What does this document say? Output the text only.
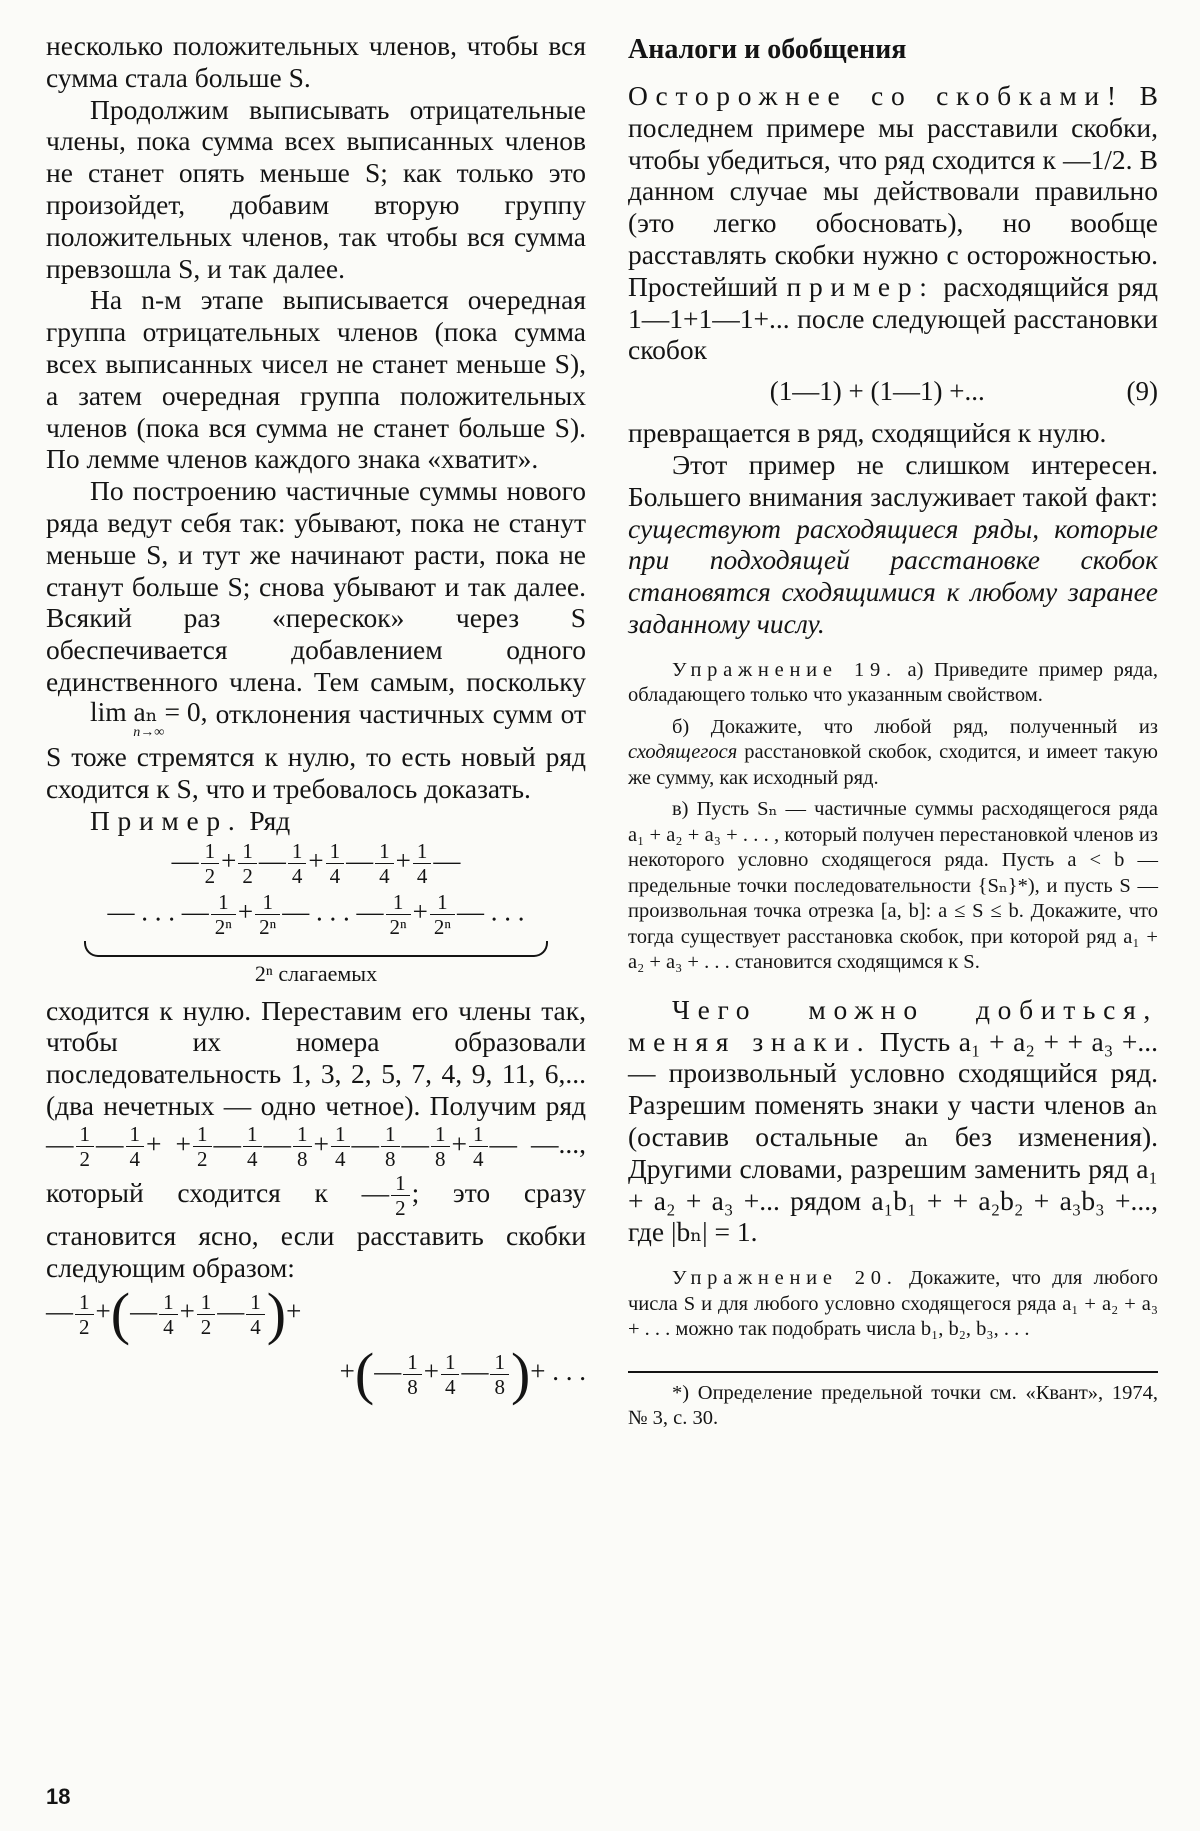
несколько положительных членов, чтобы вся сумма стала больше S.

Продолжим выписывать отрицательные члены, пока сумма всех выписанных членов не станет опять меньше S; как только это произойдет, добавим вторую группу положительных членов, так чтобы вся сумма превзошла S, и так далее.

На n-м этапе выписывается очередная группа отрицательных членов (пока сумма всех выписанных чисел не станет меньше S), а затем очередная группа положительных членов (пока вся сумма не станет больше S). По лемме членов каждого знака «хватит».

По построению частичные суммы нового ряда ведут себя так: убывают, пока не станут меньше S, и тут же начинают расти, пока не станут больше S; снова убывают и так далее. Всякий раз «перескок» через S обеспечивается добавлением одного единственного члена. Тем самым, поскольку lim aₙ = 0,
n→∞
отклонения частичных сумм от S тоже стремятся к нулю, то есть новый ряд сходится к S, что и требовалось доказать.

Пример. Ряд

— $\frac{1}{2} + \frac{1}{2}$ — $\frac{1}{4} + \frac{1}{4}$ — $\frac{1}{4} + \frac{1}{4}$ —
— . . . — $\frac{1}{\text{2ⁿ}} + \frac{1}{\text{2ⁿ}}$ — . . . — $\frac{1}{\text{2ⁿ}} + \frac{1}{\text{2ⁿ}}$ — . . .
2ⁿ слагаемых

сходится к нулю. Переставим его члены так, чтобы их номера образовали последовательность 1, 3, 2, 5, 7, 4, 9, 11, 6,... (два нечетных — одно четное). Получим ряд — $\frac{1}{2}$ — $\frac{1}{4}$ + + $\frac{1}{2}$ — $\frac{1}{4}$ — $\frac{1}{8} + \frac{1}{4}$ — $\frac{1}{8}$ — $\frac{1}{8} + \frac{1}{4}$ — —..., который сходится к — $\frac{1}{2}$ ; это сразу становится ясно, если расставить скобки следующим образом:

— $\frac{1}{2}$ +(— $\frac{1}{4} + \frac{1}{2}$ — $\frac{1}{4}$ )+
+(— $\frac{1}{8} + \frac{1}{4}$ — $\frac{1}{8}$ )+ . . .
Аналоги и обобщения

Осторожнее со скобками! В последнем примере мы расставили скобки, чтобы убедиться, что ряд сходится к —1/2. В данном случае мы действовали правильно (это легко обосновать), но вообще расставлять скобки нужно с осторожностью. Простейший пример: расходящийся ряд 1—1+1—1+... после следующей расстановки скобок

(1—1) + (1—1) +...	(9)

превращается в ряд, сходящийся к нулю.

Этот пример не слишком интересен. Большего внимания заслуживает такой факт: существуют расходящиеся ряды, которые при подходящей расстановке скобок становятся сходящимися к любому заранее заданному числу.

Упражнение 19. а) Приведите пример ряда, обладающего только что указанным свойством.

б) Докажите, что любой ряд, полученный из сходящегося расстановкой скобок, сходится, и имеет такую же сумму, как исходный ряд.

в) Пусть Sₙ — частичные суммы расходящегося ряда a₁ + a₂ + a₃ + . . . , который получен перестановкой членов из некоторого условно сходящегося ряда. Пусть a < b — предельные точки последовательности {Sₙ}*), и пусть S — произвольная точка отрезка [a, b]: a ≤ S ≤ b. Докажите, что тогда существует расстановка скобок, при которой ряд a₁ + a₂ + a₃ + . . . становится сходящимся к S.

Чего можно добиться, меняя знаки. Пусть a₁ + a₂ + + a₃ +... — произвольный условно сходящийся ряд. Разрешим поменять знаки у части членов aₙ (оставив остальные aₙ без изменения). Другими словами, разрешим заменить ряд a₁ + a₂ + a₃ +... рядом a₁b₁ + + a₂b₂ + a₃b₃ +..., где |bₙ| = 1.

Упражнение 20. Докажите, что для любого числа S и для любого условно сходящегося ряда a₁ + a₂ + a₃ + . . . можно так подобрать числа b₁, b₂, b₃, . . .

*) Определение предельной точки см. «Квант», 1974, № 3, с. 30.

18
